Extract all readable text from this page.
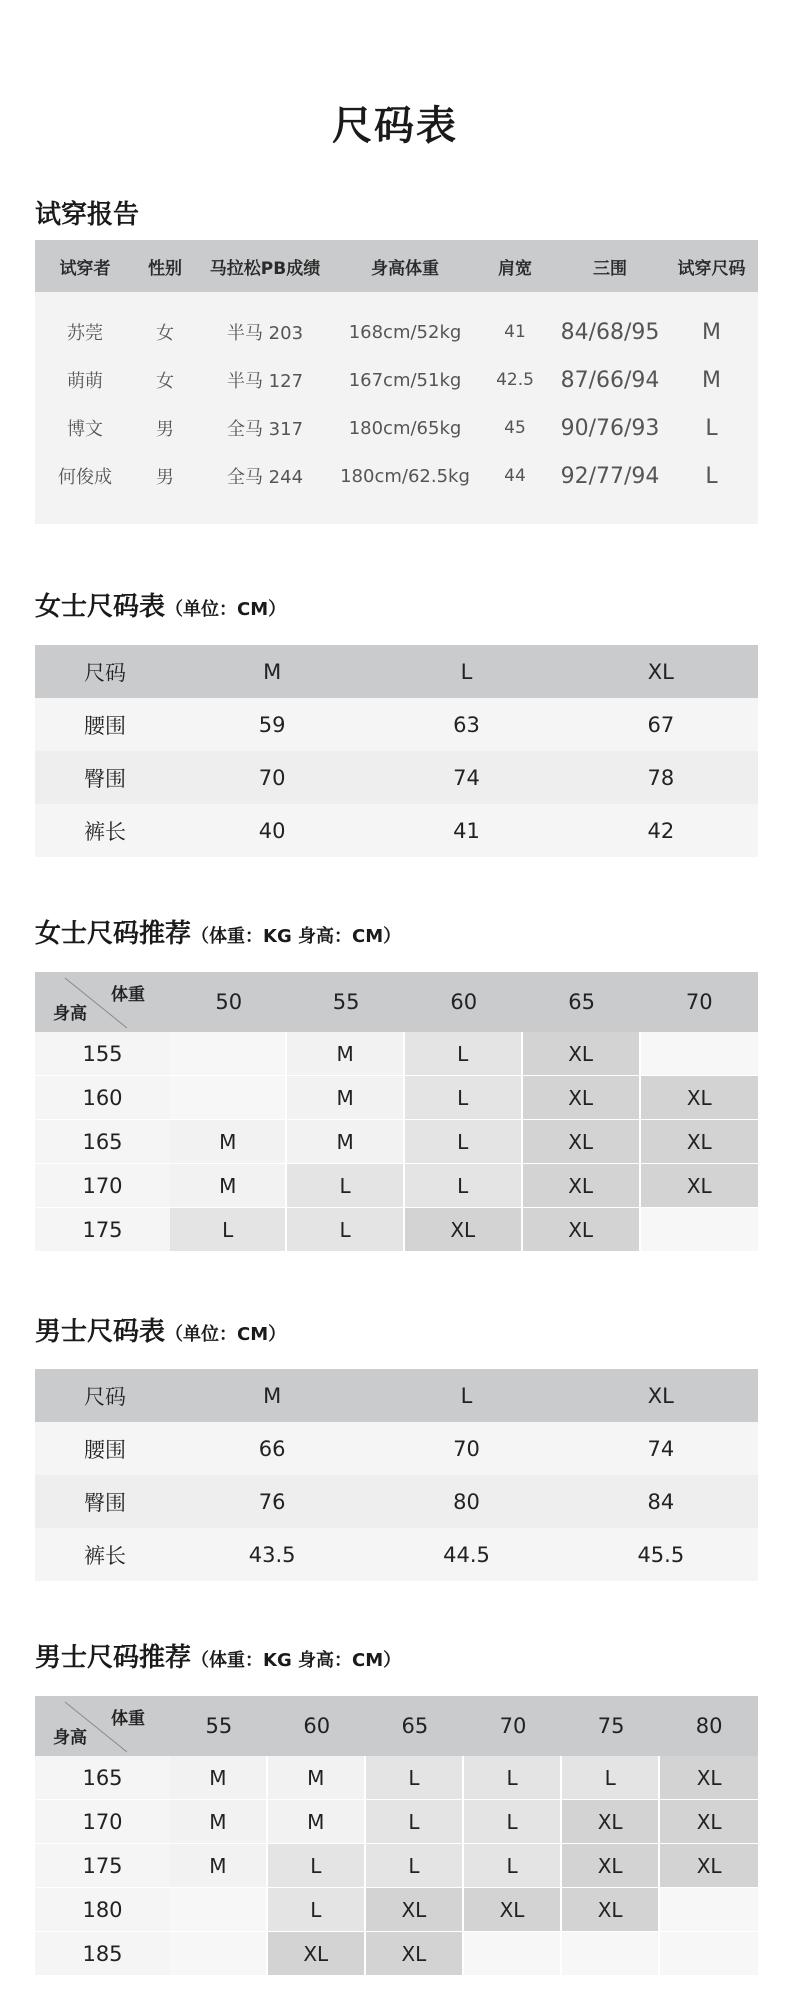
尺码表
试穿报告
试穿者	性别	马拉松PB成绩	身高体重	肩宽	三围	试穿尺码
苏莞	女	半马 203	168cm/52kg	41	84/68/95	M
萌萌	女	半马 127	167cm/51kg	42.5	87/66/94	M
博文	男	全马 317	180cm/65kg	45	90/76/93	L
何俊成	男	全马 244	180cm/62.5kg	44	92/77/94	L
女士尺码表（单位：CM）
尺码	M	L	XL
腰围	59	63	67
臀围	70	74	78
裤长	40	41	42
女士尺码推荐（体重：KG 身高：CM）
体重
身高	50	55	60	65	70
155		M	L	XL	
160		M	L	XL	XL
165	M	M	L	XL	XL
170	M	L	L	XL	XL
175	L	L	XL	XL	
男士尺码表（单位：CM）
尺码	M	L	XL
腰围	66	70	74
臀围	76	80	84
裤长	43.5	44.5	45.5
男士尺码推荐（体重：KG 身高：CM）
体重
身高	55	60	65	70	75	80
165	M	M	L	L	L	XL
170	M	M	L	L	XL	XL
175	M	L	L	L	XL	XL
180		L	XL	XL	XL	
185		XL	XL			
